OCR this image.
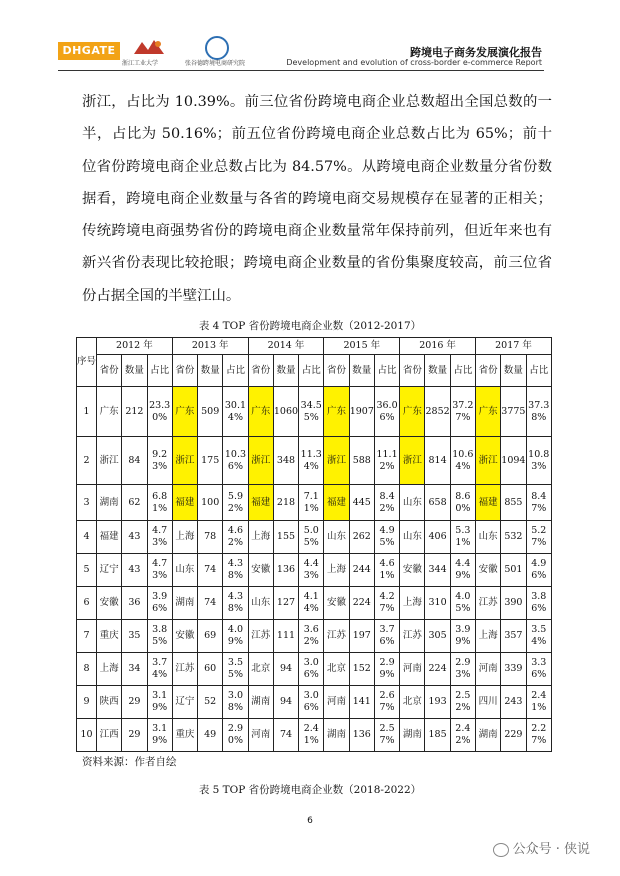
DHGATE
浙江工业大学	张谷德跨境电商研究院
跨境电子商务发展演化报告
Development and evolution of cross-border e-commerce Report
浙江，占比为 10.39%。前三位省份跨境电商企业总数超出全国总数的一半，占比为 50.16%；前五位省份跨境电商企业总数占比为 65%；前十位省份跨境电商企业总数占比为 84.57%。从跨境电商企业数量分省份数据看，跨境电商企业数量与各省的跨境电商交易规模存在显著的正相关；传统跨境电商强势省份的跨境电商企业数量常年保持前列，但近年来也有新兴省份表现比较抢眼；跨境电商企业数量的省份集聚度较高，前三位省份占据全国的半壁江山。
表 4 TOP 省份跨境电商企业数（2012-2017）
序号	2012 年			2013 年			2014 年			2015 年			2016 年			2017 年		
	省份	数量	占比	省份	数量	占比	省份	数量	占比	省份	数量	占比	省份	数量	占比	省份	数量	占比
1	广东	212	23.30%	广东	509	30.14%	广东	1060	34.55%	广东	1907	36.06%	广东	2852	37.27%	广东	3775	37.38%
2	浙江	84	9.23%	浙江	175	10.36%	浙江	348	11.34%	浙江	588	11.12%	浙江	814	10.64%	浙江	1094	10.83%
3	湖南	62	6.81%	福建	100	5.92%	福建	218	7.11%	福建	445	8.42%	山东	658	8.60%	福建	855	8.47%
4	福建	43	4.73%	上海	78	4.62%	上海	155	5.05%	山东	262	4.95%	山东	406	5.31%	山东	532	5.27%
5	辽宁	43	4.73%	山东	74	4.38%	安徽	136	4.43%	上海	244	4.61%	安徽	344	4.49%	安徽	501	4.96%
6	安徽	36	3.96%	湖南	74	4.38%	山东	127	4.14%	安徽	224	4.27%	上海	310	4.05%	江苏	390	3.86%
7	重庆	35	3.85%	安徽	69	4.09%	江苏	111	3.62%	江苏	197	3.76%	江苏	305	3.99%	上海	357	3.54%
8	上海	34	3.74%	江苏	60	3.55%	北京	94	3.06%	北京	152	2.99%	河南	224	2.93%	河南	339	3.36%
9	陕西	29	3.19%	辽宁	52	3.08%	湖南	94	3.06%	河南	141	2.67%	北京	193	2.52%	四川	243	2.41%
10	江西	29	3.19%	重庆	49	2.90%	河南	74	2.41%	湖南	136	2.57%	湖南	185	2.42%	湖南	229	2.27%
资料来源：作者自绘
表 5 TOP 省份跨境电商企业数（2018-2022）
6
公众号 · 侠说
